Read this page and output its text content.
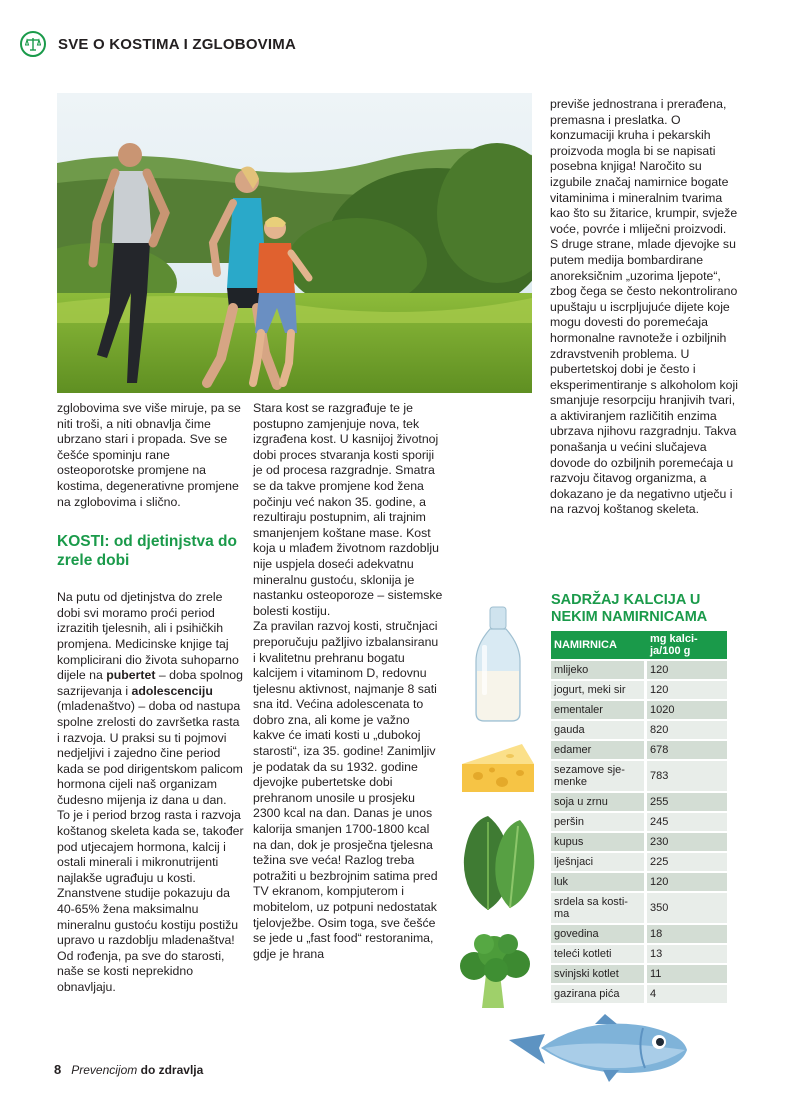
SVE O KOSTIMA I ZGLOBOVIMA

zglobovima sve više miruje, pa se niti troši, a niti obnavlja čime ubrzano stari i propada. Sve se češće spominju rane osteoporotske promjene na kostima, degenerativne promjene na zglobovima i slično.

KOSTI: od djetinjstva do zrele dobi

Na putu od djetinjstva do zrele dobi svi moramo proći period izrazitih tjelesnih, ali i psihičkih promjena. Medicinske knjige taj komplicirani dio života suhoparno dijele na pubertet – doba spolnog sazrijevanja i adolescenciju (mladenaštvo) – doba od nastupa spolne zrelosti do završetka rasta i razvoja. U praksi su ti pojmovi nedjeljivi i zajedno čine period kada se pod dirigentskom palicom hormona cijeli naš organizam čudesno mijenja iz dana u dan.

To je i period brzog rasta i razvoja koštanog skeleta kada se, također pod utjecajem hormona, kalcij i ostali minerali i mikronutrijenti najlakše ugrađuju u kosti. Znanstvene studije pokazuju da 40-65% žena maksimalnu mineralnu gustoću kostiju postižu upravo u razdoblju mladenaštva! Od rođenja, pa sve do starosti, naše se kosti neprekidno obnavljaju.

Stara kost se razgrađuje te je postupno zamjenjuje nova, tek izgrađena kost. U kasnijoj životnoj dobi proces stvaranja kosti sporiji je od procesa razgradnje. Smatra se da takve promjene kod žena počinju već nakon 35. godine, a rezultiraju postupnim, ali trajnim smanjenjem koštane mase. Kost koja u mlađem životnom razdoblju nije uspjela doseći adekvatnu mineralnu gustoću, sklonija je nastanku osteoporoze – sistemske bolesti kostiju.

Za pravilan razvoj kosti, stručnjaci preporučuju pažljivo izbalansiranu i kvalitetnu prehranu bogatu kalcijem i vitaminom D, redovnu tjelesnu aktivnost, najmanje 8 sati sna itd. Većina adolescenata to dobro zna, ali kome je važno kakve će imati kosti u „dubokoj starosti“, iza 35. godine! Zanimljiv je podatak da su 1932. godine djevojke pubertetske dobi prehranom unosile u prosjeku 2300 kcal na dan. Danas je unos kalorija smanjen 1700-1800 kcal na dan, dok je prosječna tjelesna težina sve veća! Razlog treba potražiti u bezbrojnim satima pred TV ekranom, kompjuterom i mobitelom, uz potpuni nedostatak tjelovježbe. Osim toga, sve češće se jede u „fast food“ restoranima, gdje je hrana

previše jednostrana i prerađena, premasna i preslatka. O konzumaciji kruha i pekarskih proizvoda mogla bi se napisati posebna knjiga! Naročito su izgubile značaj namirnice bogate vitaminima i mineralnim tvarima kao što su žitarice, krumpir, svježe voće, povrće i mliječni proizvodi.

S druge strane, mlade djevojke su putem medija bombardirane anoreksičnim „uzorima ljepote“, zbog čega se često nekontrolirano upuštaju u iscrpljujuće dijete koje mogu dovesti do poremećaja hormonalne ravnoteže i ozbiljnih zdravstvenih problema. U pubertetskoj dobi je često i eksperimentiranje s alkoholom koji smanjuje resorpciju hranjivih tvari, a aktiviranjem različitih enzima ubrzava njihovu razgradnju. Takva ponašanja u većini slučajeva dovode do ozbiljnih poremećaja u razvoju čitavog organizma, a dokazano je da negativno utječu i na razvoj koštanog skeleta.

SADRŽAJ KALCIJA U NEKIM NAMIRNICAMA
NAMIRNICA	mg kalci-ja/100 g
mlijeko	120
jogurt, meki sir	120
ementaler	1020
gauda	820
edamer	678
sezamove sje-menke	783
soja u zrnu	255
peršin	245
kupus	230
lješnjaci	225
luk	120
srdela sa kosti-ma	350
govedina	18
teleći kotleti	13
svinjski kotlet	11
gazirana pića	4
8 Prevencijom do zdravlja
